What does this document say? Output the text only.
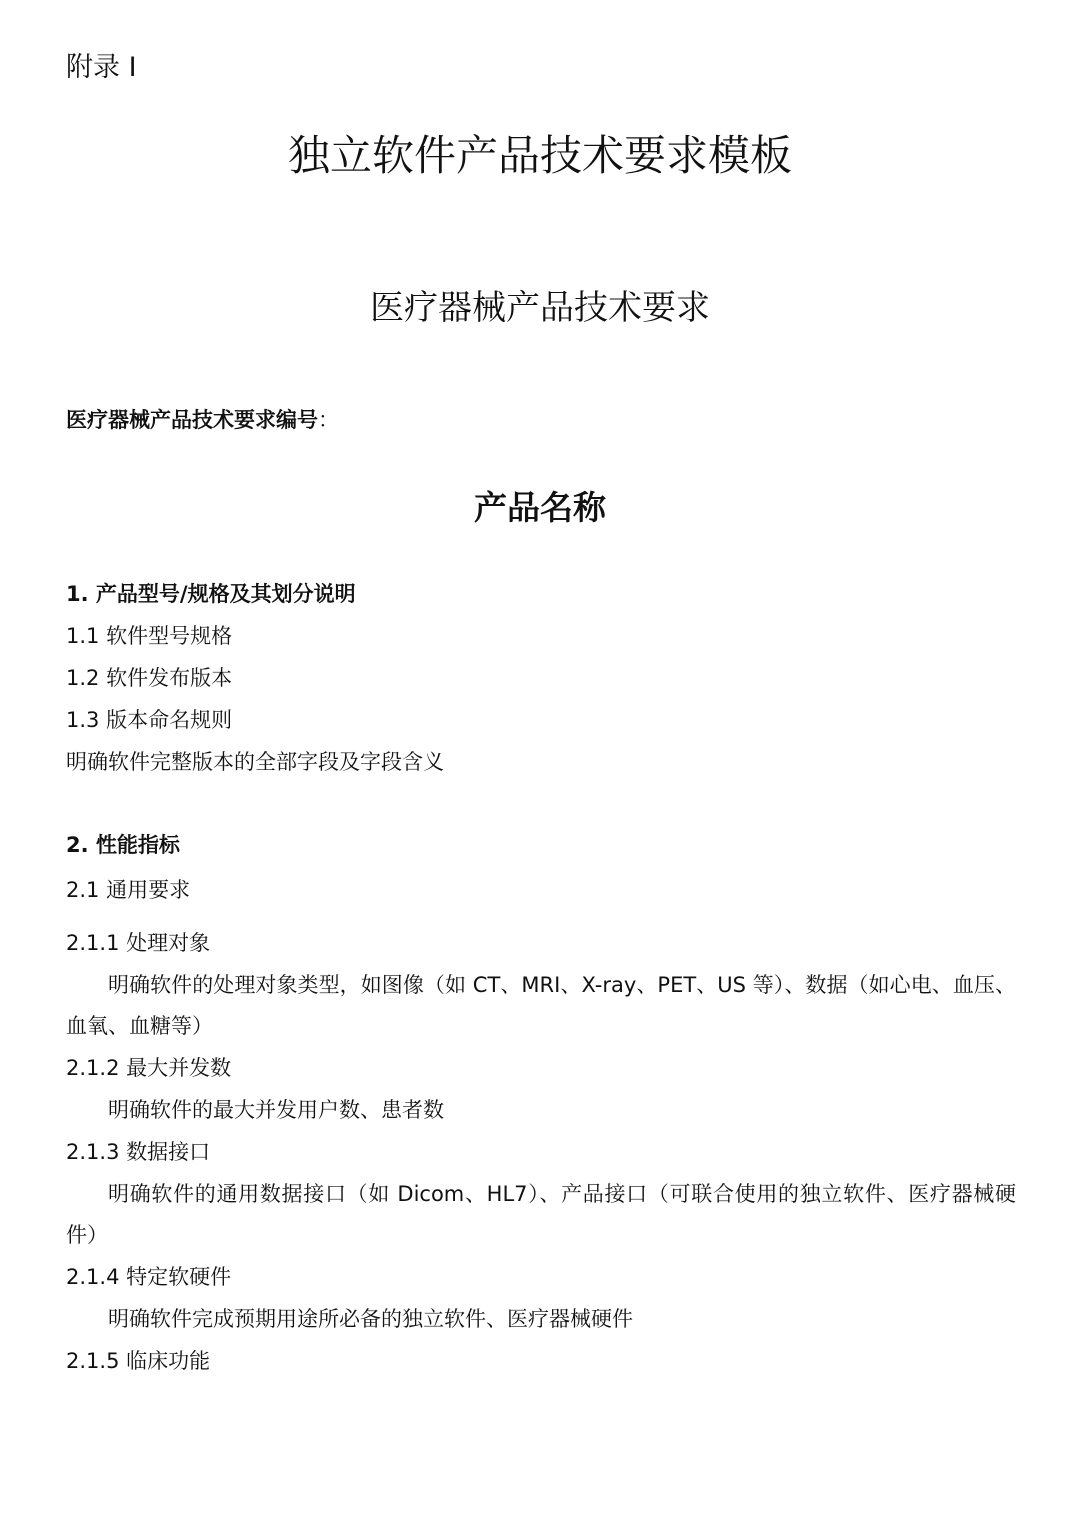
附录 I

独立软件产品技术要求模板
医疗器械产品技术要求

医疗器械产品技术要求编号：

产品名称

1. 产品型号/规格及其划分说明

1.1 软件型号规格

1.2 软件发布版本

1.3 版本命名规则

明确软件完整版本的全部字段及字段含义

2. 性能指标

2.1 通用要求

2.1.1 处理对象

明确软件的处理对象类型，如图像（如 CT、MRI、X-ray、PET、US 等）、数据（如心电、血压、血氧、血糖等）

2.1.2 最大并发数

明确软件的最大并发用户数、患者数

2.1.3 数据接口

明确软件的通用数据接口（如 Dicom、HL7）、产品接口（可联合使用的独立软件、医疗器械硬件）

2.1.4 特定软硬件

明确软件完成预期用途所必备的独立软件、医疗器械硬件

2.1.5 临床功能
